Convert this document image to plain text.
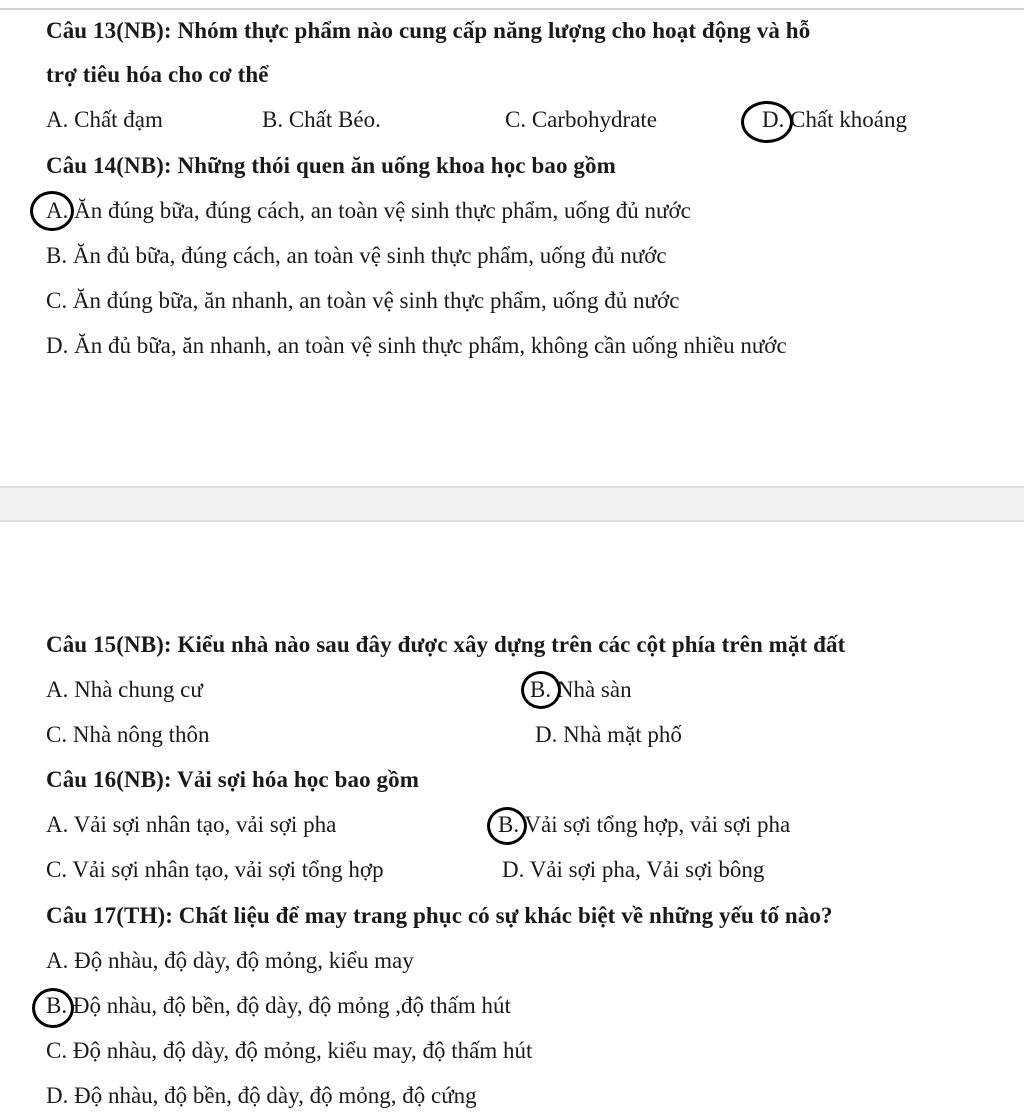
Câu 13(NB): Nhóm thực phẩm nào cung cấp năng lượng cho hoạt động và hỗ
trợ tiêu hóa cho cơ thể
A. Chất đạm	B. Chất Béo.	C. Carbohydrate	D. Chất khoáng
Câu 14(NB): Những thói quen ăn uống khoa học bao gồm
A. Ăn đúng bữa, đúng cách, an toàn vệ sinh thực phẩm, uống đủ nước
B. Ăn đủ bữa, đúng cách, an toàn vệ sinh thực phẩm, uống đủ nước
C. Ăn đúng bữa, ăn nhanh, an toàn vệ sinh thực phẩm, uống đủ nước
D. Ăn đủ bữa, ăn nhanh, an toàn vệ sinh thực phẩm, không cần uống nhiều nước
Câu 15(NB): Kiểu nhà nào sau đây được xây dựng trên các cột phía trên mặt đất
A. Nhà chung cư	B. Nhà sàn
C. Nhà nông thôn	D. Nhà mặt phố
Câu 16(NB): Vải sợi hóa học bao gồm
A. Vải sợi nhân tạo, vải sợi pha	B. Vải sợi tổng hợp, vải sợi pha
C. Vải sợi nhân tạo, vải sợi tổng hợp	D. Vải sợi pha, Vải sợi bông
Câu 17(TH): Chất liệu để may trang phục có sự khác biệt về những yếu tố nào?
A. Độ nhàu, độ dày, độ mỏng, kiểu may
B. Độ nhàu, độ bền, độ dày, độ mỏng ,độ thấm hút
C. Độ nhàu, độ dày, độ mỏng, kiểu may, độ thấm hút
D. Độ nhàu, độ bền, độ dày, độ mỏng, độ cứng
